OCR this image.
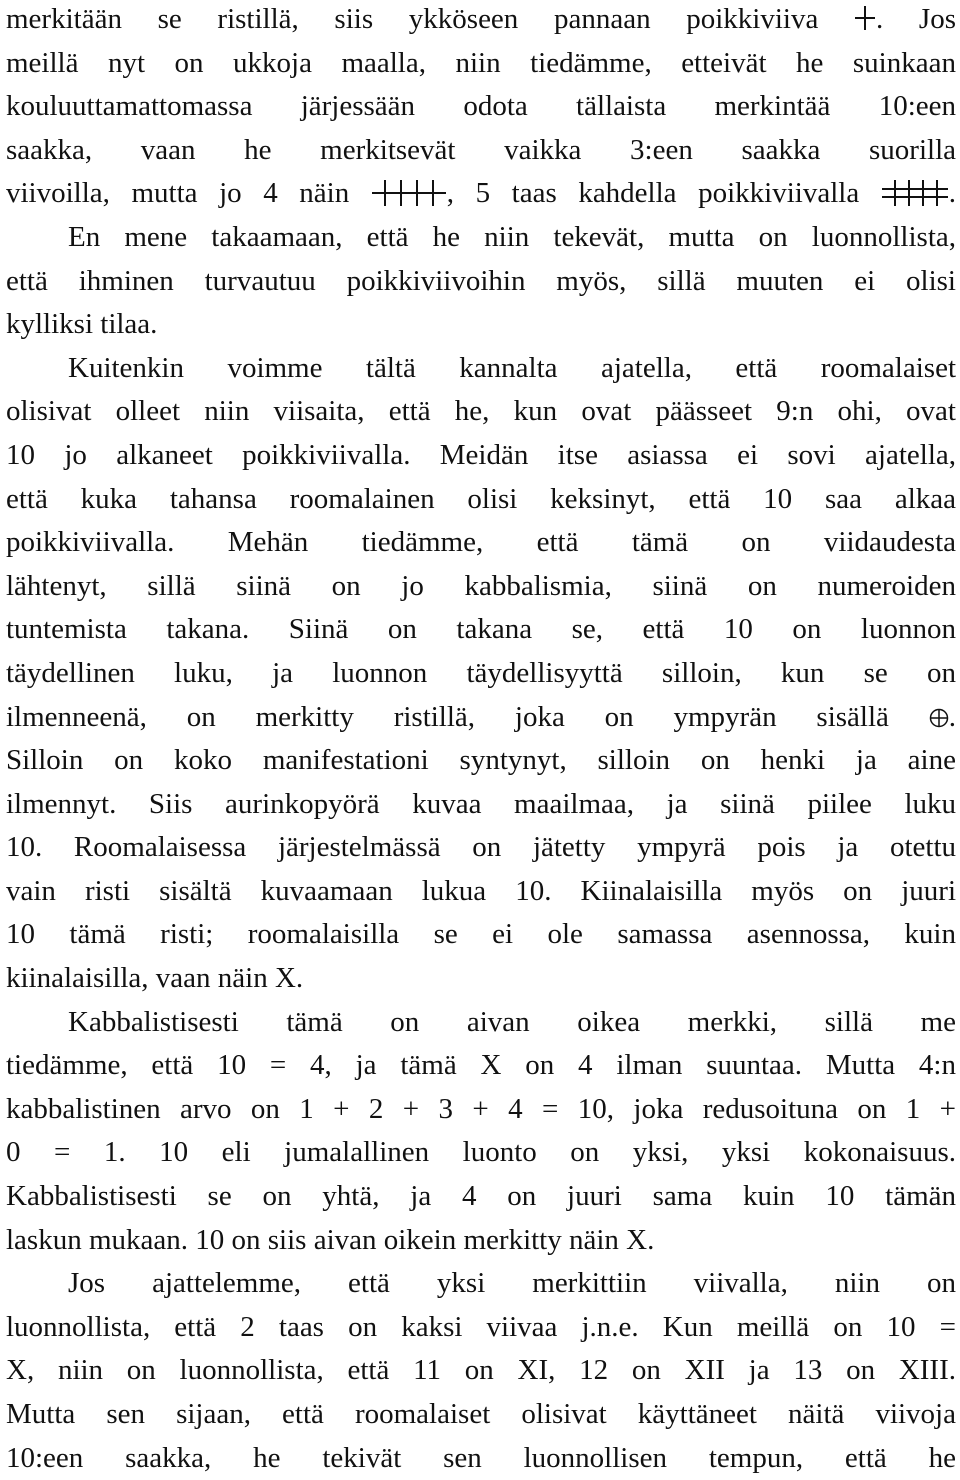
merkitään se ristillä, siis ykköseen pannaan poikkiviiva . Jos
meillä nyt on ukkoja maalla, niin tiedämme, etteivät he suinkaan
kouluuttamattomassa järjessään odota tällaista merkintää 10:een
saakka, vaan he merkitsevät vaikka 3:een saakka suorilla
viivoilla, mutta jo 4 näin	, 5 taas kahdella poikkiviivalla	.
En mene takaamaan, että he niin tekevät, mutta on luonnollista,
että ihminen turvautuu poikkiviivoihin myös, sillä muuten ei olisi
kylliksi tilaa.
Kuitenkin voimme tältä kannalta ajatella, että roomalaiset
olisivat olleet niin viisaita, että he, kun ovat päässeet 9:n ohi, ovat
10 jo alkaneet poikkiviivalla. Meidän itse asiassa ei sovi ajatella,
että kuka tahansa roomalainen olisi keksinyt, että 10 saa alkaa
poikkiviivalla. Mehän tiedämme, että tämä on viidaudesta
lähtenyt, sillä siinä on jo kabbalismia, siinä on numeroiden
tuntemista takana. Siinä on takana se, että 10 on luonnon
täydellinen luku, ja luonnon täydellisyyttä silloin, kun se on
ilmenneenä, on merkitty ristillä, joka on ympyrän sisällä .
Silloin on koko manifestationi syntynyt, silloin on henki ja aine
ilmennyt. Siis aurinkopyörä kuvaa maailmaa, ja siinä piilee luku
10. Roomalaisessa järjestelmässä on jätetty ympyrä pois ja otettu
vain risti sisältä kuvaamaan lukua 10. Kiinalaisilla myös on juuri
10 tämä risti; roomalaisilla se ei ole samassa asennossa, kuin
kiinalaisilla, vaan näin X.
Kabbalistisesti tämä on aivan oikea merkki, sillä me
tiedämme, että 10 = 4, ja tämä X on 4 ilman suuntaa. Mutta 4:n
kabbalistinen arvo on 1 + 2 + 3 + 4 = 10, joka redusoituna on 1 +
0 = 1. 10 eli jumalallinen luonto on yksi, yksi kokonaisuus.
Kabbalistisesti se on yhtä, ja 4 on juuri sama kuin 10 tämän
laskun mukaan. 10 on siis aivan oikein merkitty näin X.
Jos ajattelemme, että yksi merkittiin viivalla, niin on
luonnollista, että 2 taas on kaksi viivaa j.n.e. Kun meillä on 10 =
X, niin on luonnollista, että 11 on XI, 12 on XII ja 13 on XIII.
Mutta sen sijaan, että roomalaiset olisivat käyttäneet näitä viivoja
10:een saakka, he tekivät sen luonnollisen tempun, että he
